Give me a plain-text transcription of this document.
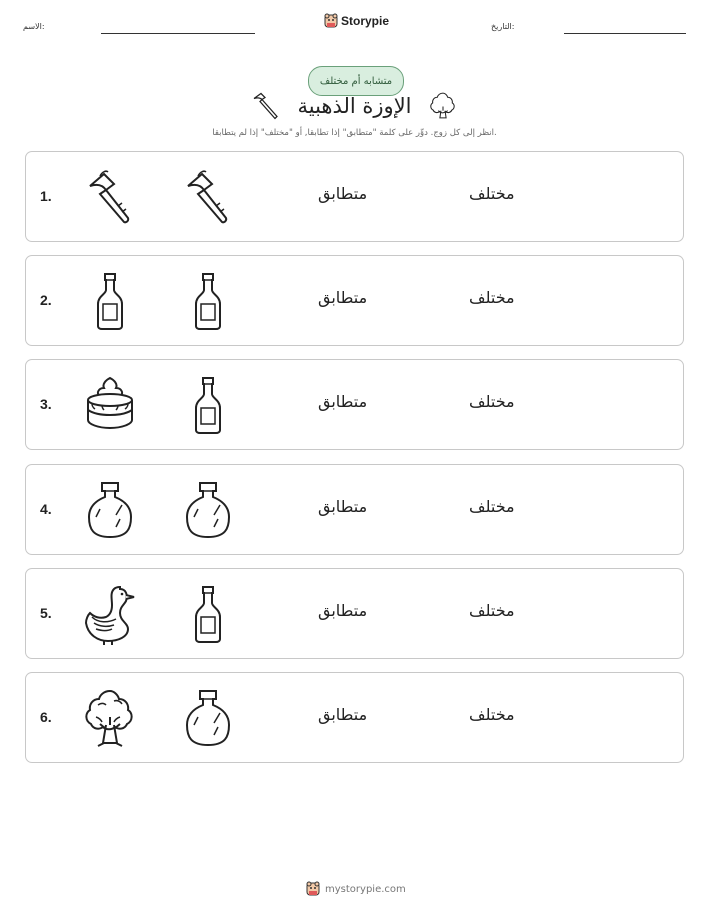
الاسم:	Storypie	التاريخ:
متشابه أم مختلف
الإوزة الذهبية
انظر إلى كل زوج. دوِّر على كلمة "متطابق" إذا تطابقا, أو "مختلف" إذا لم يتطابقا.
1.	متطابق	مختلف
2.	متطابق	مختلف
3.	متطابق	مختلف
4.	متطابق	مختلف
5.	متطابق	مختلف
6.	متطابق	مختلف
mystorypie.com
